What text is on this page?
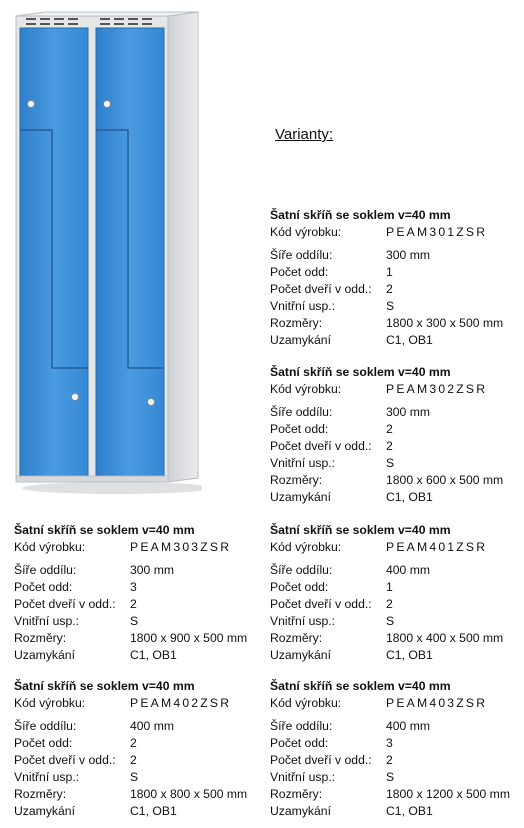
Varianty:
Šatní skříň se soklem v=40 mm
Kód výrobku:	PEAM301ZSR
Šíře oddílu:	300 mm
Počet odd:	1
Počet dveří v odd.:	2
Vnitřní usp.:	S
Rozměry:	1800 x 300 x 500 mm
Uzamykání	C1, OB1
Šatní skříň se soklem v=40 mm
Kód výrobku:	PEAM302ZSR
Šíře oddílu:	300 mm
Počet odd:	2
Počet dveří v odd.:	2
Vnitřní usp.:	S
Rozměry:	1800 x 600 x 500 mm
Uzamykání	C1, OB1
Šatní skříň se soklem v=40 mm
Kód výrobku:	PEAM303ZSR
Šíře oddílu:	300 mm
Počet odd:	3
Počet dveří v odd.:	2
Vnitřní usp.:	S
Rozměry:	1800 x 900 x 500 mm
Uzamykání	C1, OB1
Šatní skříň se soklem v=40 mm
Kód výrobku:	PEAM401ZSR
Šíře oddílu:	400 mm
Počet odd:	1
Počet dveří v odd.:	2
Vnitřní usp.:	S
Rozměry:	1800 x 400 x 500 mm
Uzamykání	C1, OB1
Šatní skříň se soklem v=40 mm
Kód výrobku:	PEAM402ZSR
Šíře oddílu:	400 mm
Počet odd:	2
Počet dveří v odd.:	2
Vnitřní usp.:	S
Rozměry:	1800 x 800 x 500 mm
Uzamykání	C1, OB1
Šatní skříň se soklem v=40 mm
Kód výrobku:	PEAM403ZSR
Šíře oddílu:	400 mm
Počet odd:	3
Počet dveří v odd.:	2
Vnitřní usp.:	S
Rozměry:	1800 x 1200 x 500 mm
Uzamykání	C1, OB1
